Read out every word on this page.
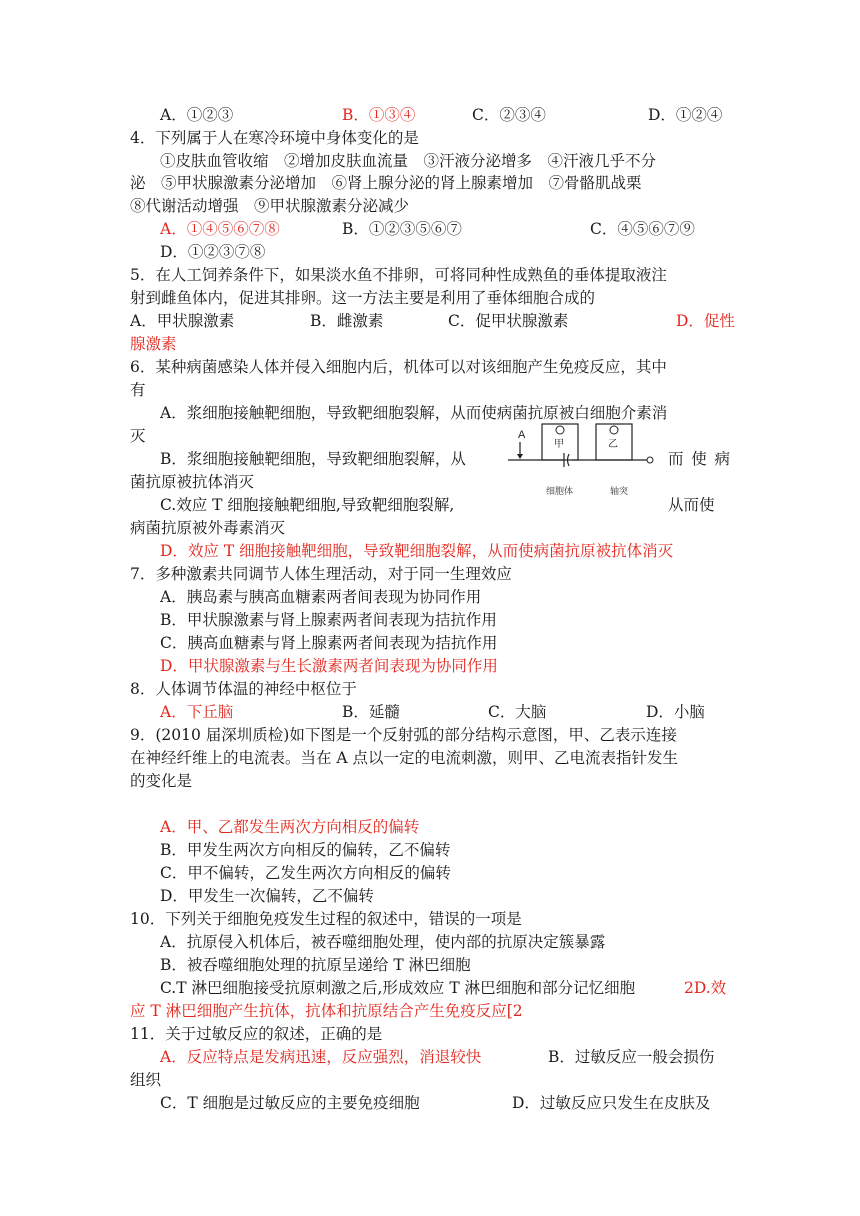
A．①②③	B．①③④	C．②③④	D．①②④
4．下列属于人在寒冷环境中身体变化的是
①皮肤血管收缩　②增加皮肤血流量　③汗液分泌增多　④汗液几乎不分
泌　⑤甲状腺激素分泌增加　⑥肾上腺分泌的肾上腺素增加　⑦骨骼肌战栗
⑧代谢活动增强　⑨甲状腺激素分泌减少
A．①④⑤⑥⑦⑧	B．①②③⑤⑥⑦	C．④⑤⑥⑦⑨
D．①②③⑦⑧
5．在人工饲养条件下，如果淡水鱼不排卵，可将同种性成熟鱼的垂体提取液注
射到雌鱼体内，促进其排卵。这一方法主要是利用了垂体细胞合成的
A．甲状腺激素	B．雌激素	C．促甲状腺激素	D．促性
腺激素
6．某种病菌感染人体并侵入细胞内后，机体可以对该细胞产生免疫反应，其中
有
A．浆细胞接触靶细胞，导致靶细胞裂解，从而使病菌抗原被白细胞介素消
灭
B．浆细胞接触靶细胞，导致靶细胞裂解，从	而 使 病
菌抗原被抗体消灭
C.效应 T 细胞接触靶细胞,导致靶细胞裂解,	从而使
病菌抗原被外毒素消灭
D．效应 T 细胞接触靶细胞，导致靶细胞裂解，从而使病菌抗原被抗体消灭
A
甲	乙
细胞体	轴突
7．多种激素共同调节人体生理活动，对于同一生理效应
A．胰岛素与胰高血糖素两者间表现为协同作用
B．甲状腺激素与肾上腺素两者间表现为拮抗作用
C．胰高血糖素与肾上腺素两者间表现为拮抗作用
D．甲状腺激素与生长激素两者间表现为协同作用
8．人体调节体温的神经中枢位于
A．下丘脑	B．延髓	C．大脑	D．小脑
9．(2010 届深圳质检)如下图是一个反射弧的部分结构示意图，甲、乙表示连接
在神经纤维上的电流表。当在 A 点以一定的电流刺激，则甲、乙电流表指针发生
的变化是
A．甲、乙都发生两次方向相反的偏转
B．甲发生两次方向相反的偏转，乙不偏转
C．甲不偏转，乙发生两次方向相反的偏转
D．甲发生一次偏转，乙不偏转
10．下列关于细胞免疫发生过程的叙述中，错误的一项是
A．抗原侵入机体后，被吞噬细胞处理，使内部的抗原决定簇暴露
B．被吞噬细胞处理的抗原呈递给 T 淋巴细胞
C.T 淋巴细胞接受抗原刺激之后,形成效应 T 淋巴细胞和部分记忆细胞	2D.效
应 T 淋巴细胞产生抗体，抗体和抗原结合产生免疫反应[2
11．关于过敏反应的叙述，正确的是
A．反应特点是发病迅速，反应强烈，消退较快	B．过敏反应一般会损伤
组织
C．T 细胞是过敏反应的主要免疫细胞	D．过敏反应只发生在皮肤及
